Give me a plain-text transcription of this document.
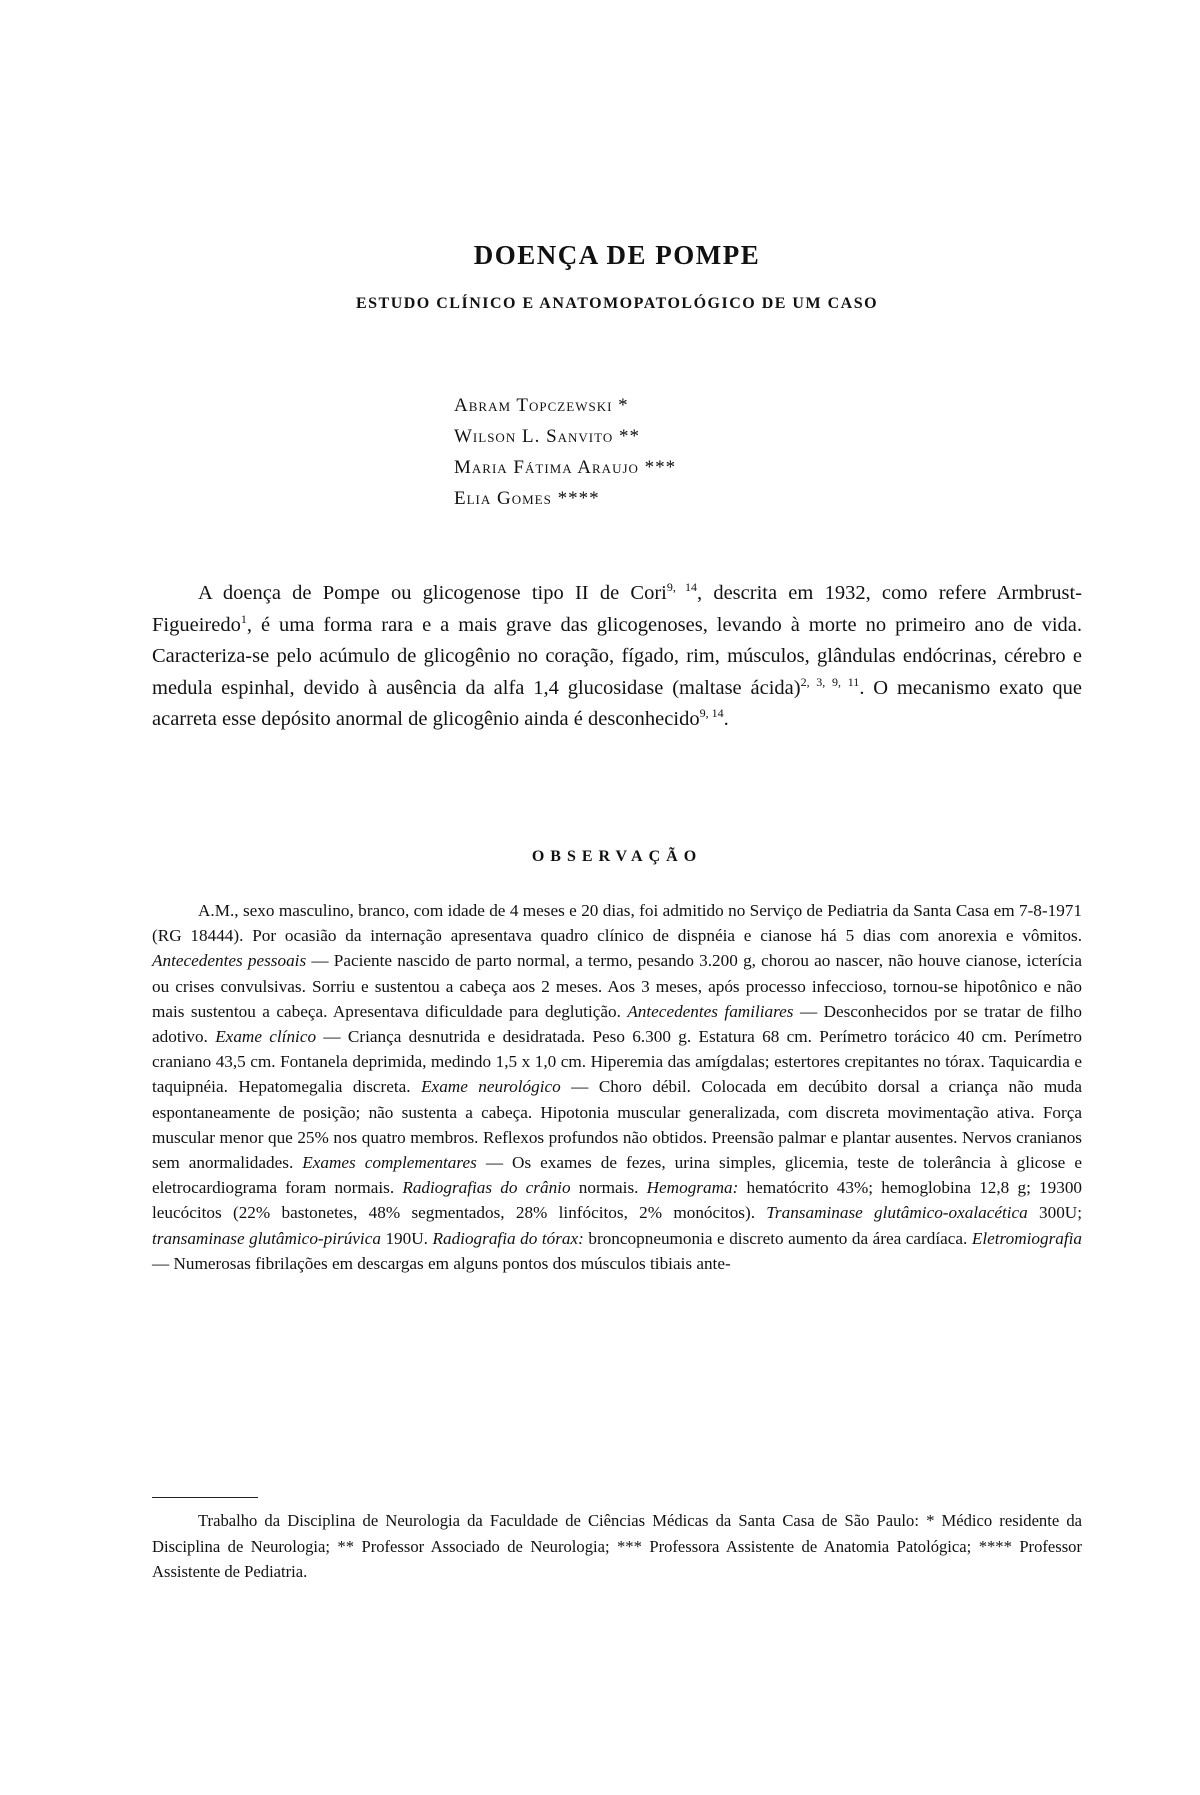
DOENÇA DE POMPE
ESTUDO CLÍNICO E ANATOMOPATOLÓGICO DE UM CASO

Abram Topczewski *

Wilson L. Sanvito **

Maria Fátima Araujo ***

Elia Gomes ****

A doença de Pompe ou glicogenose tipo II de Cori$^{9, 14}$, descrita em 1932, como refere Armbrust-Figueiredo$^1$, é uma forma rara e a mais grave das glicogenoses, levando à morte no primeiro ano de vida. Caracteriza-se pelo acúmulo de glicogênio no coração, fígado, rim, músculos, glândulas endócrinas, cérebro e medula espinhal, devido à ausência da alfa 1,4 glucosidase (maltase ácida)$^{2, 3, 9, 11}$. O mecanismo exato que acarreta esse depósito anormal de glicogênio ainda é desconhecido$^{9, 14}$.

OBSERVAÇÃO

A.M., sexo masculino, branco, com idade de 4 meses e 20 dias, foi admitido no Serviço de Pediatria da Santa Casa em 7-8-1971 (RG 18444). Por ocasião da internação apresentava quadro clínico de dispnéia e cianose há 5 dias com anorexia e vômitos. Antecedentes pessoais — Paciente nascido de parto normal, a termo, pesando 3.200 g, chorou ao nascer, não houve cianose, icterícia ou crises convulsivas. Sorriu e sustentou a cabeça aos 2 meses. Aos 3 meses, após processo infeccioso, tornou-se hipotônico e não mais sustentou a cabeça. Apresentava dificuldade para deglutição. Antecedentes familiares — Desconhecidos por se tratar de filho adotivo. Exame clínico — Criança desnutrida e desidratada. Peso 6.300 g. Estatura 68 cm. Perímetro torácico 40 cm. Perímetro craniano 43,5 cm. Fontanela deprimida, medindo 1,5 x 1,0 cm. Hiperemia das amígdalas; estertores crepitantes no tórax. Taquicardia e taquipnéia. Hepatomegalia discreta. Exame neurológico — Choro débil. Colocada em decúbito dorsal a criança não muda espontaneamente de posição; não sustenta a cabeça. Hipotonia muscular generalizada, com discreta movimentação ativa. Força muscular menor que 25% nos quatro membros. Reflexos profundos não obtidos. Preensão palmar e plantar ausentes. Nervos cranianos sem anormalidades. Exames complementares — Os exames de fezes, urina simples, glicemia, teste de tolerância à glicose e eletrocardiograma foram normais. Radiografias do crânio normais. Hemograma: hematócrito 43%; hemoglobina 12,8 g; 19300 leucócitos (22% bastonetes, 48% segmentados, 28% linfócitos, 2% monócitos). Transaminase glutâmico-oxalacética 300U; transaminase glutâmico-pirúvica 190U. Radiografia do tórax: broncopneumonia e discreto aumento da área cardíaca. Eletromiografia — Numerosas fibrilações em descargas em alguns pontos dos músculos tibiais ante-

Trabalho da Disciplina de Neurologia da Faculdade de Ciências Médicas da Santa Casa de São Paulo: * Médico residente da Disciplina de Neurologia; ** Professor Associado de Neurologia; *** Professora Assistente de Anatomia Patológica; **** Professor Assistente de Pediatria.
